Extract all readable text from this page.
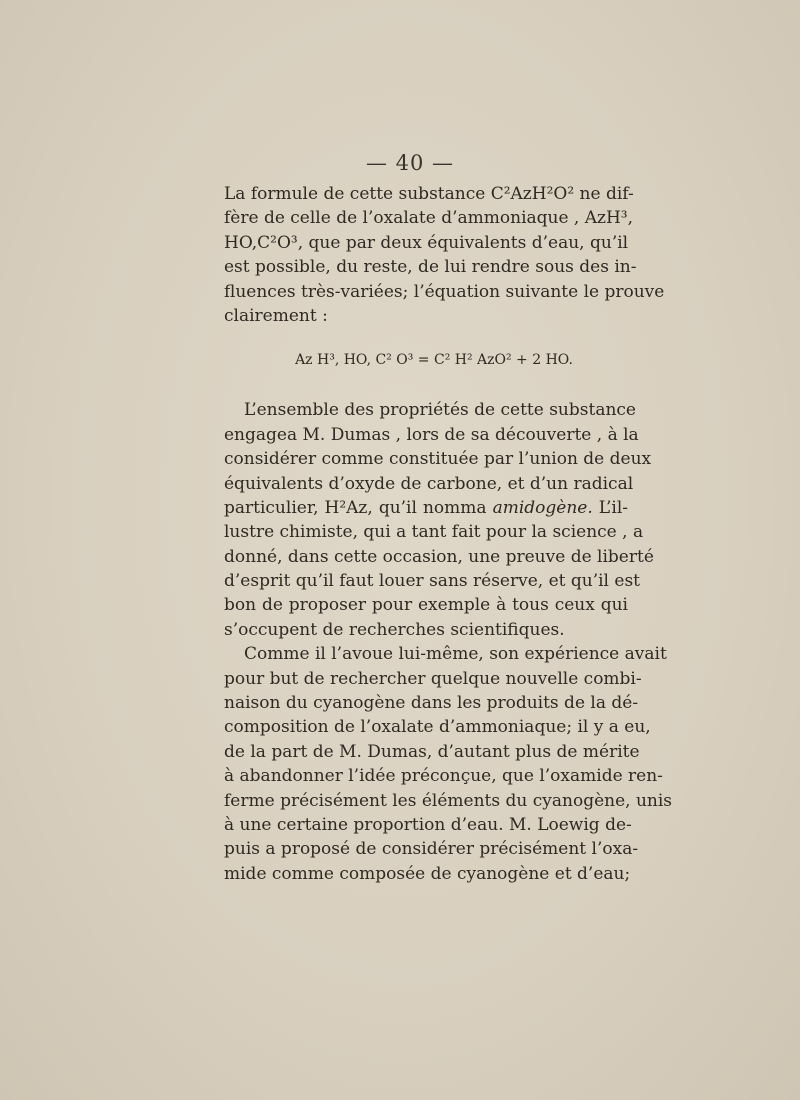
— 40 —
La formule de cette substance C²AzH²O² ne dif-
fère de celle de l’oxalate d’ammoniaque , AzH³,
HO,C²O³, que par deux équivalents d’eau, qu’il
est possible, du reste, de lui rendre sous des in-
fluences très-variées; l’équation suivante le prouve
clairement :
Az H³, HO, C² O³ = C² H² AzO² + 2 HO.
L’ensemble des propriétés de cette substance
engagea M. Dumas , lors de sa découverte , à la
considérer comme constituée par l’union de deux
équivalents d’oxyde de carbone, et d’un radical
particulier, H²Az, qu’il nomma amidogène. L’il-
lustre chimiste, qui a tant fait pour la science , a
donné, dans cette occasion, une preuve de liberté
d’esprit qu’il faut louer sans réserve, et qu’il est
bon de proposer pour exemple à tous ceux qui
s’occupent de recherches scientifiques.
Comme il l’avoue lui-même, son expérience avait
pour but de rechercher quelque nouvelle combi-
naison du cyanogène dans les produits de la dé-
composition de l’oxalate d’ammoniaque; il y a eu,
de la part de M. Dumas, d’autant plus de mérite
à abandonner l’idée préconçue, que l’oxamide ren-
ferme précisément les éléments du cyanogène, unis
à une certaine proportion d’eau. M. Loewig de-
puis a proposé de considérer précisément l’oxa-
mide comme composée de cyanogène et d’eau;
